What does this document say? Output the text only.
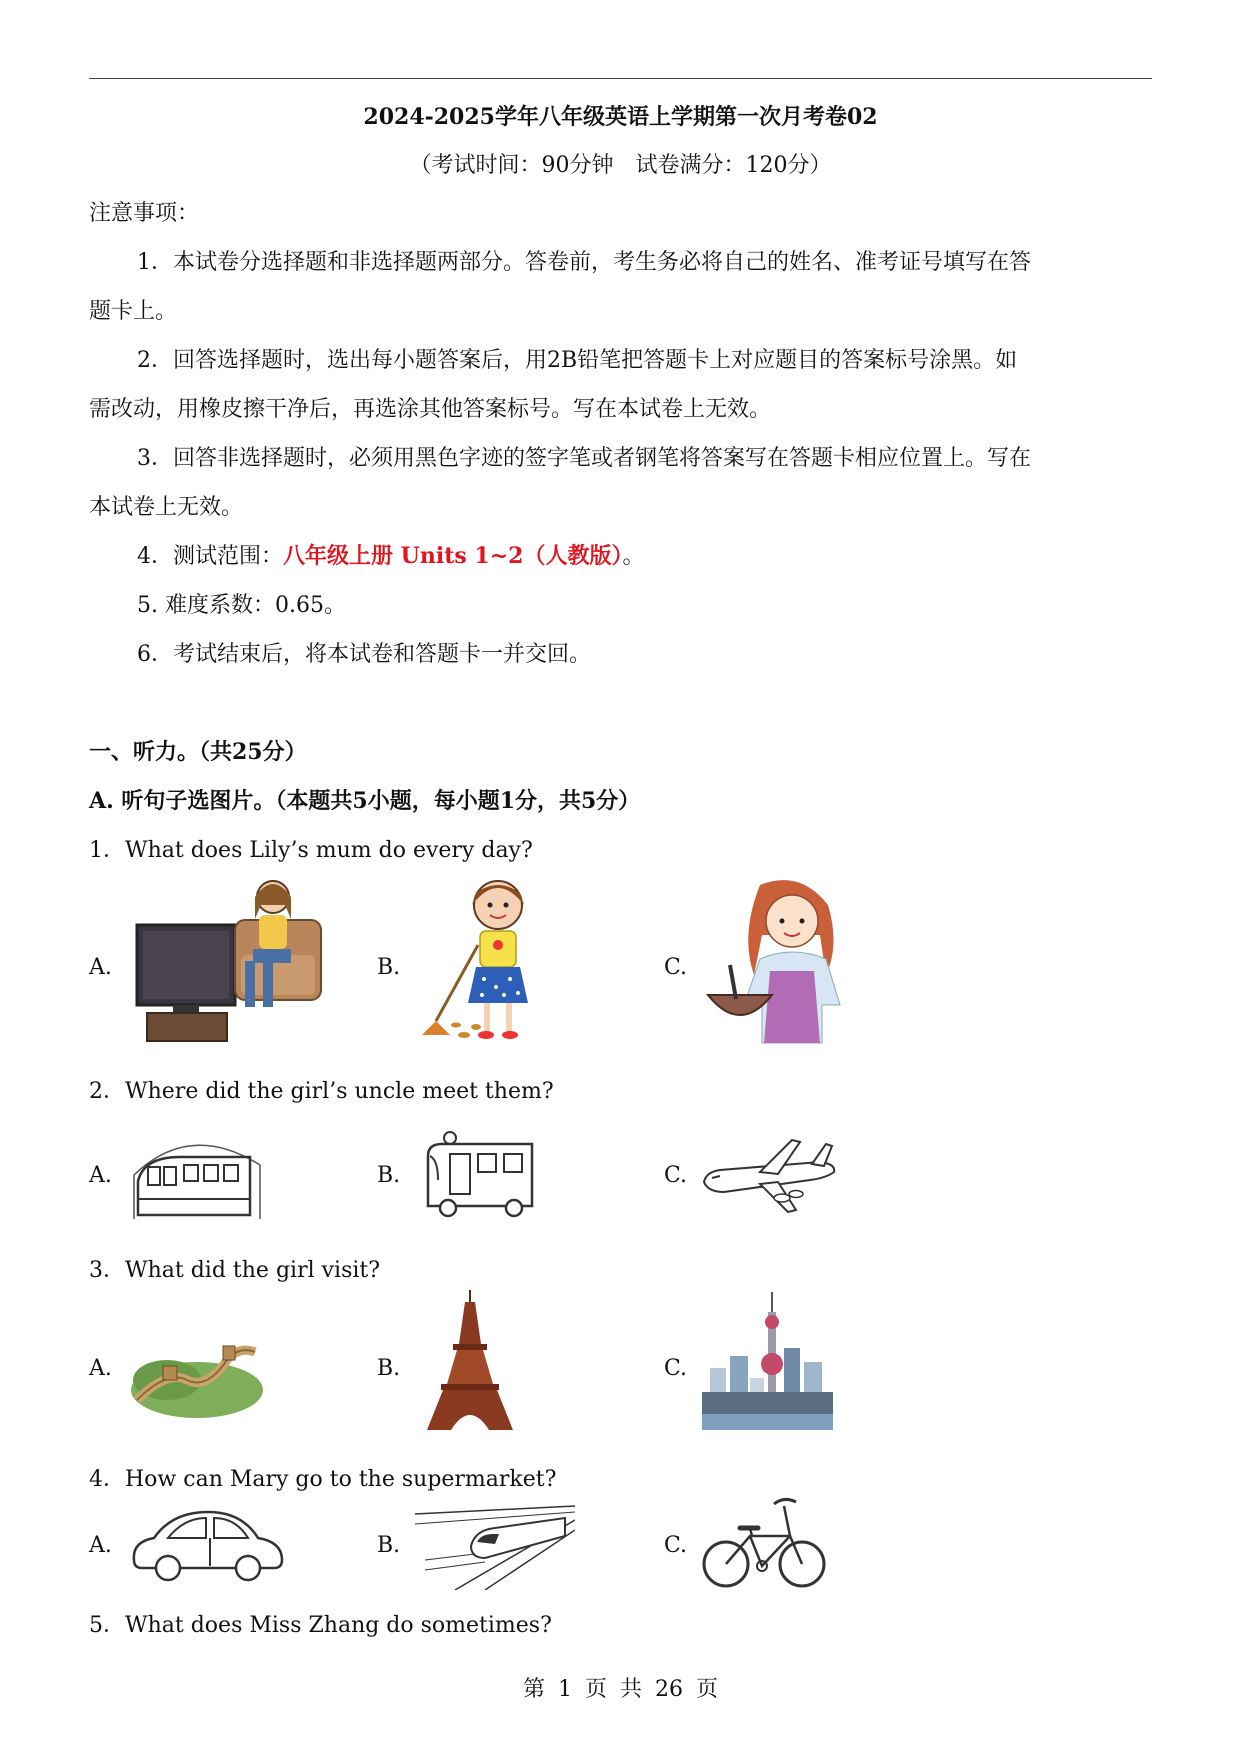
2024-2025学年八年级英语上学期第一次月考卷02
（考试时间：90分钟　试卷满分：120分）
注意事项：
1．本试卷分选择题和非选择题两部分。答卷前，考生务必将自己的姓名、准考证号填写在答
题卡上。
2．回答选择题时，选出每小题答案后，用2B铅笔把答题卡上对应题目的答案标号涂黑。如
需改动，用橡皮擦干净后，再选涂其他答案标号。写在本试卷上无效。
3．回答非选择题时，必须用黑色字迹的签字笔或者钢笔将答案写在答题卡相应位置上。写在
本试卷上无效。
4．测试范围：八年级上册 Units 1~2（人教版）。
5. 难度系数：0.65。
6．考试结束后，将本试卷和答题卡一并交回。
一、听力。（共25分）
A. 听句子选图片。（本题共5小题，每小题1分，共5分）
1．What does Lily’s mum do every day?
A.	B.	C.
2．Where did the girl’s uncle meet them?
A.	B.	C.
3．What did the girl visit?
A.	B.	C.
4．How can Mary go to the supermarket?
A.	B.	C.
5．What does Miss Zhang do sometimes?
第 1 页 共 26 页
